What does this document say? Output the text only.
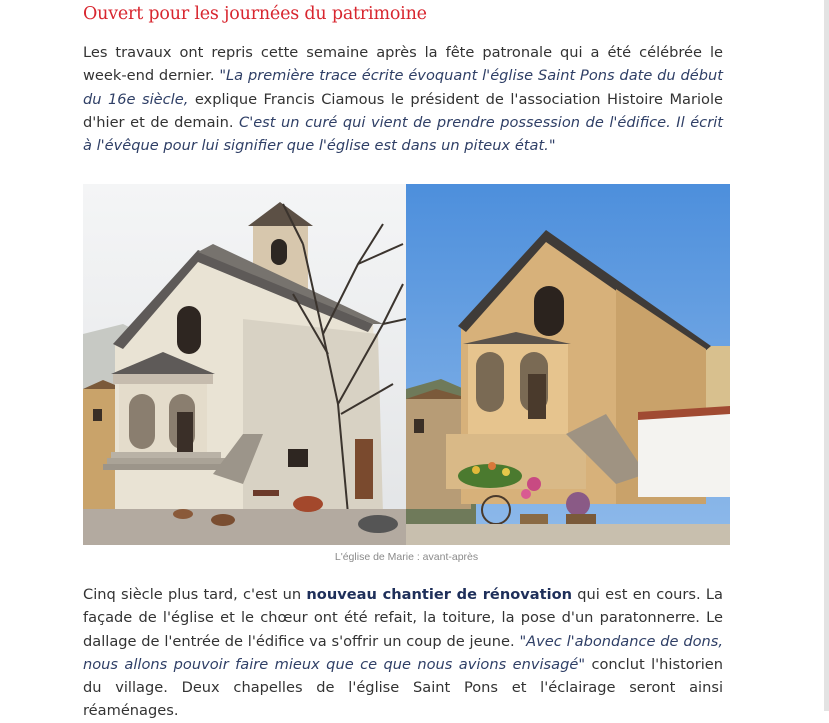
Ouvert pour les journées du patrimoine

Les travaux ont repris cette semaine après la fête patronale qui a été célébrée le week-end dernier. "La première trace écrite évoquant l'église Saint Pons date du début du 16e siècle, explique Francis Ciamous le président de l'association Histoire Mariole d'hier et de demain. C'est un curé qui vient de prendre possession de l'édifice. Il écrit à l'évêque pour lui signifier que l'église est dans un piteux état."

L'église de Marie : avant-après

Cinq siècle plus tard, c'est un nouveau chantier de rénovation qui est en cours. La façade de l'église et le chœur ont été refait, la toiture, la pose d'un paratonnerre. Le dallage de l'entrée de l'édifice va s'offrir un coup de jeune. "Avec l'abondance de dons, nous allons pouvoir faire mieux que ce que nous avions envisagé" conclut l'historien du village. Deux chapelles de l'église Saint Pons et l'éclairage seront ainsi réaménages.
